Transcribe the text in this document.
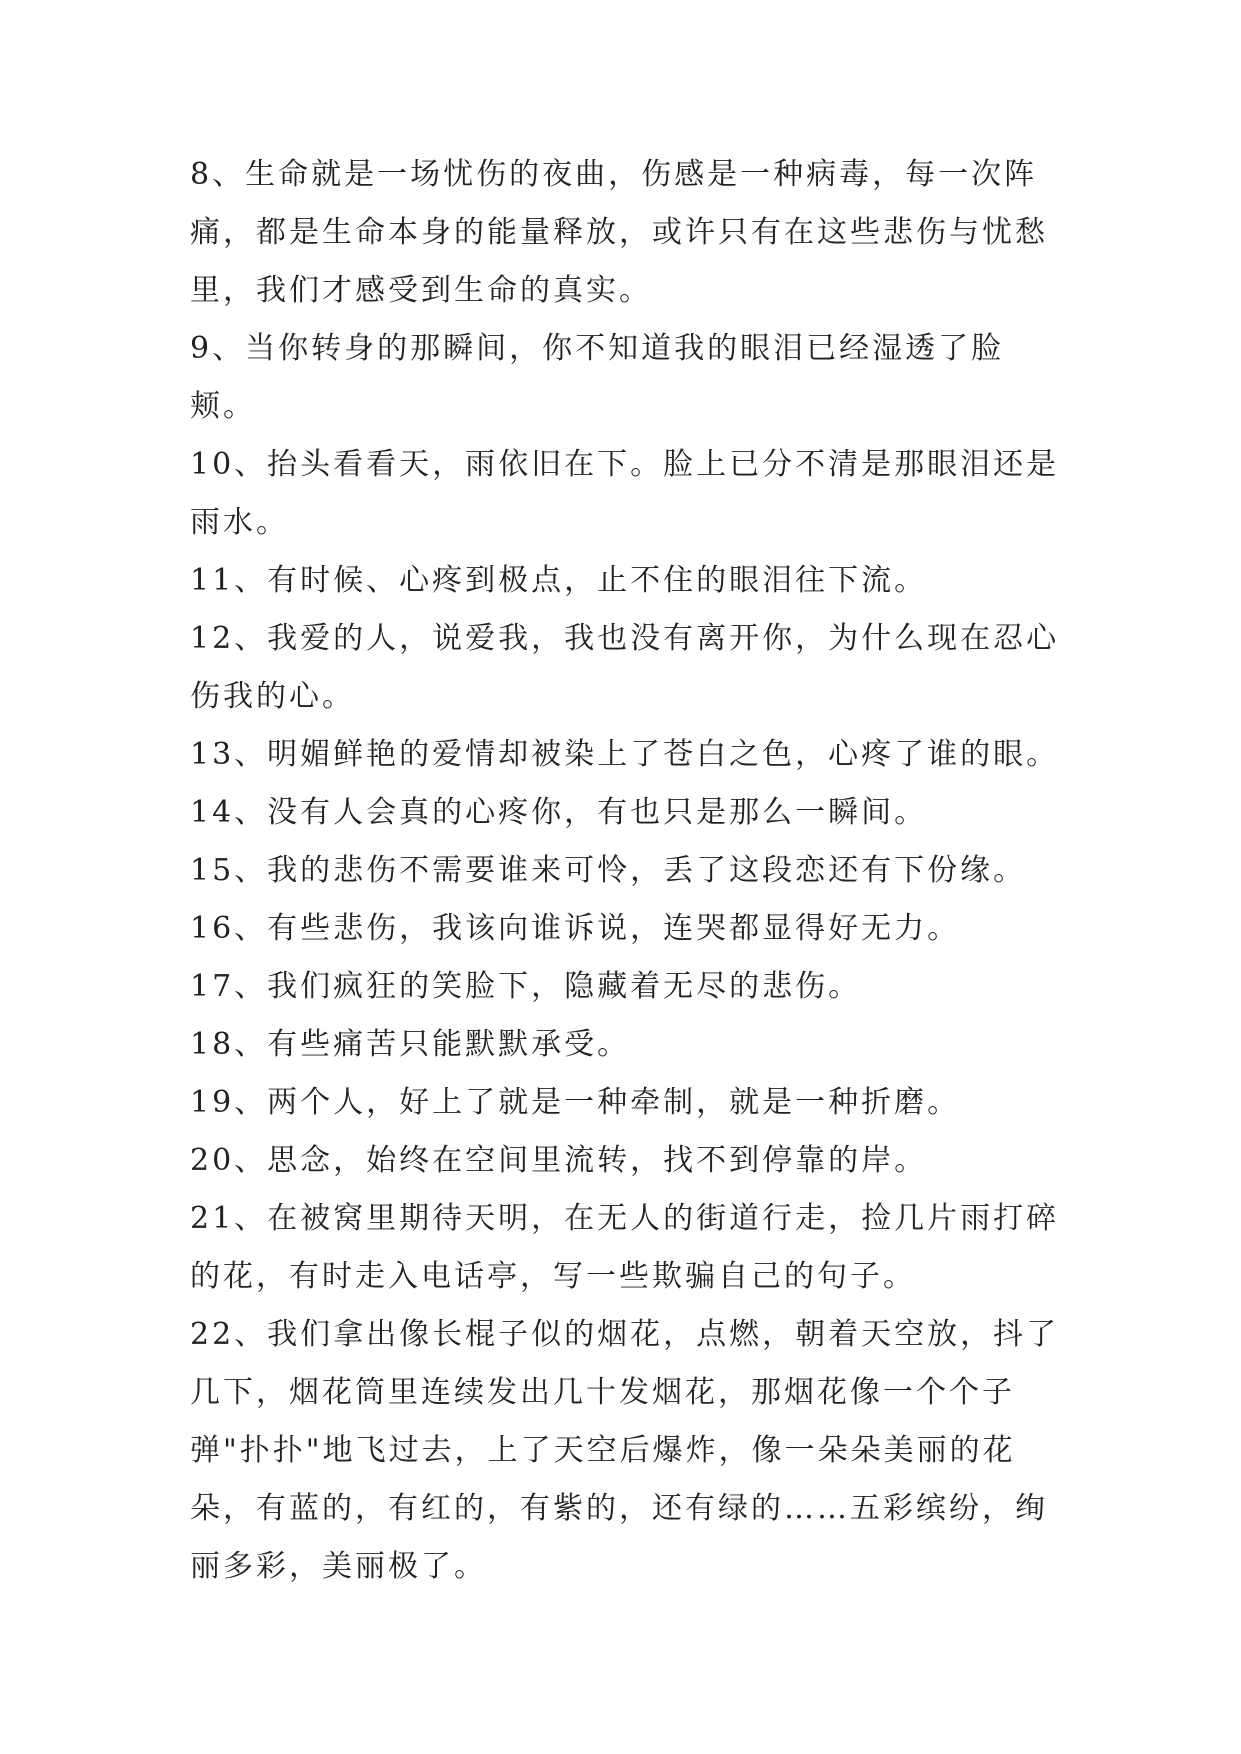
8、生命就是一场忧伤的夜曲，伤感是一种病毒，每一次阵痛，都是生命本身的能量释放，或许只有在这些悲伤与忧愁里，我们才感受到生命的真实。

9、当你转身的那瞬间，你不知道我的眼泪已经湿透了脸颊。

10、抬头看看天，雨依旧在下。脸上已分不清是那眼泪还是雨水。

11、有时候、心疼到极点，止不住的眼泪往下流。

12、我爱的人，说爱我，我也没有离开你，为什么现在忍心伤我的心。

13、明媚鲜艳的爱情却被染上了苍白之色，心疼了谁的眼。

14、没有人会真的心疼你，有也只是那么一瞬间。

15、我的悲伤不需要谁来可怜，丢了这段恋还有下份缘。

16、有些悲伤，我该向谁诉说，连哭都显得好无力。

17、我们疯狂的笑脸下，隐藏着无尽的悲伤。

18、有些痛苦只能默默承受。

19、两个人，好上了就是一种牵制，就是一种折磨。

20、思念，始终在空间里流转，找不到停靠的岸。

21、在被窝里期待天明，在无人的街道行走，捡几片雨打碎的花，有时走入电话亭，写一些欺骗自己的句子。

22、我们拿出像长棍子似的烟花，点燃，朝着天空放，抖了几下，烟花筒里连续发出几十发烟花，那烟花像一个个子弹"扑扑"地飞过去，上了天空后爆炸，像一朵朵美丽的花朵，有蓝的，有红的，有紫的，还有绿的……五彩缤纷，绚丽多彩，美丽极了。
